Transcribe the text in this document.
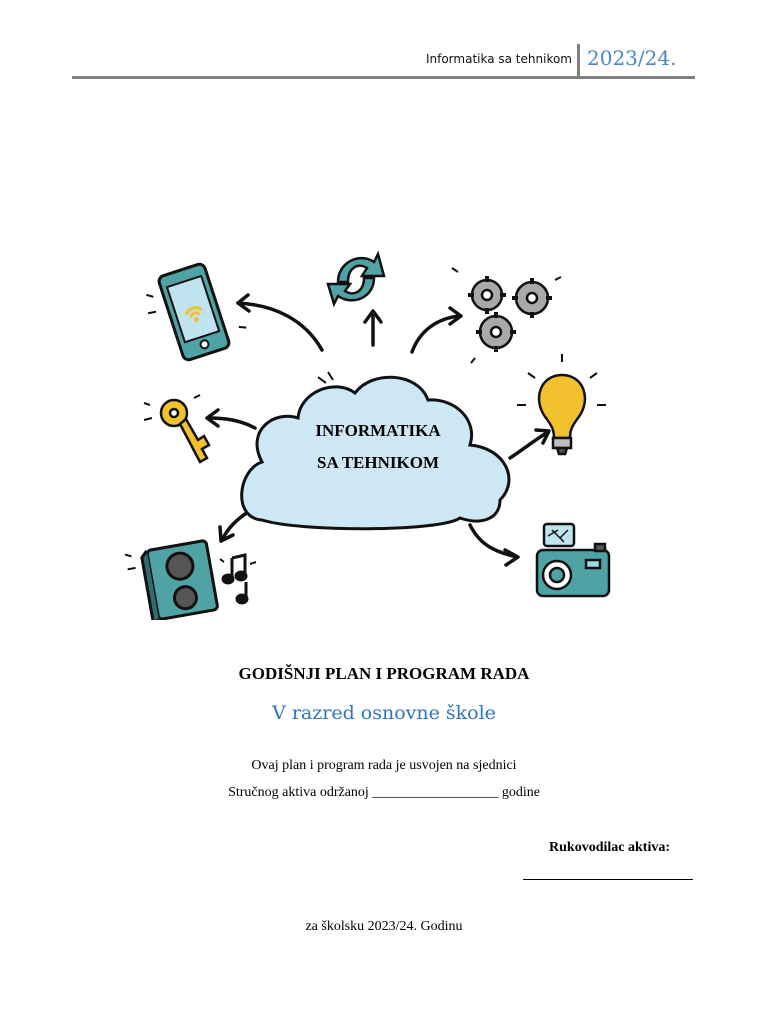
Informatika sa tehnikom 2023/24.
INFORMATIKA
SA TEHNIKOM
GODIŠNJI PLAN I PROGRAM RADA
V razred osnovne škole
Ovaj plan i program rada je usvojen na sjednici
Stručnog aktiva održanoj __________________ godine
Rukovodilac aktiva:
za školsku 2023/24. Godinu
